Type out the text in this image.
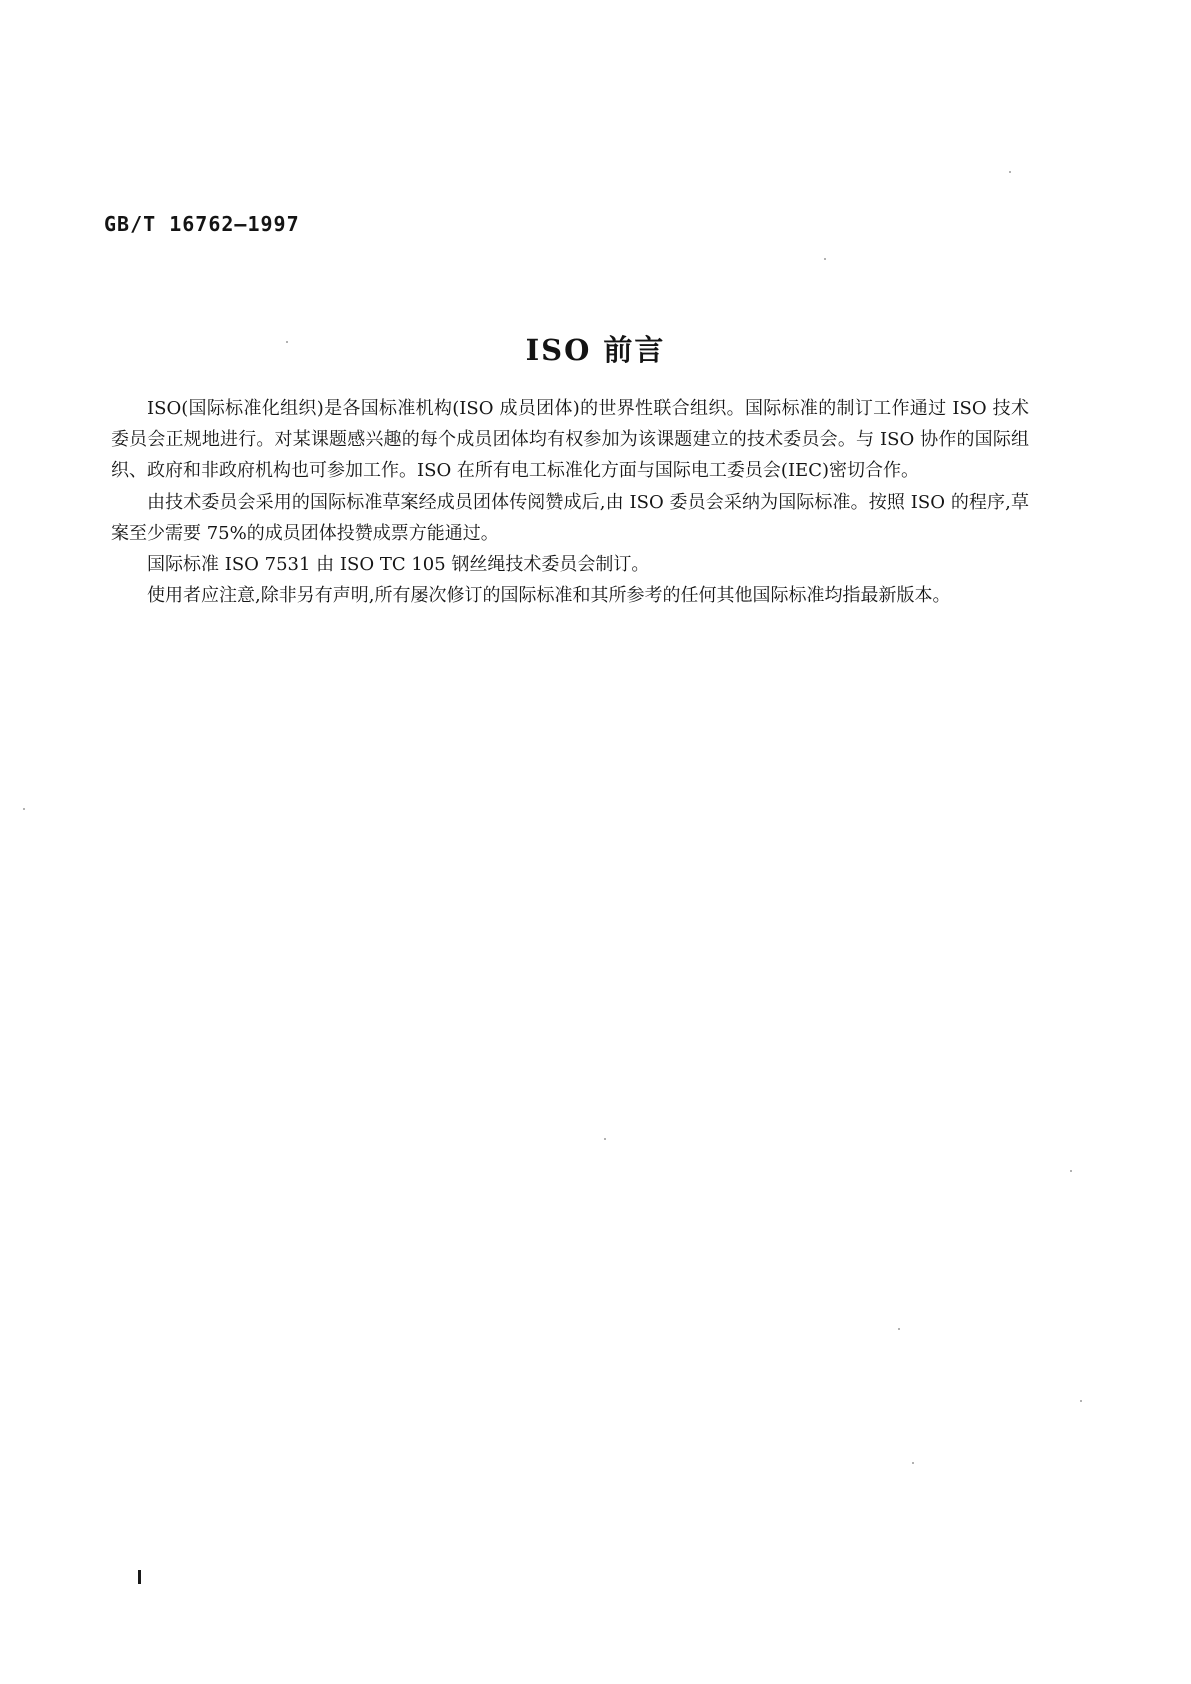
GB/T 16762—1997
ISO 前言

ISO(国际标准化组织)是各国标准机构(ISO 成员团体)的世界性联合组织。国际标准的制订工作通过 ISO 技术委员会正规地进行。对某课题感兴趣的每个成员团体均有权参加为该课题建立的技术委员会。与 ISO 协作的国际组织、政府和非政府机构也可参加工作。ISO 在所有电工标准化方面与国际电工委员会(IEC)密切合作。

由技术委员会采用的国际标准草案经成员团体传阅赞成后,由 ISO 委员会采纳为国际标准。按照 ISO 的程序,草案至少需要 75%的成员团体投赞成票方能通过。

国际标准 ISO 7531 由 ISO TC 105 钢丝绳技术委员会制订。

使用者应注意,除非另有声明,所有屡次修订的国际标准和其所参考的任何其他国际标准均指最新版本。
